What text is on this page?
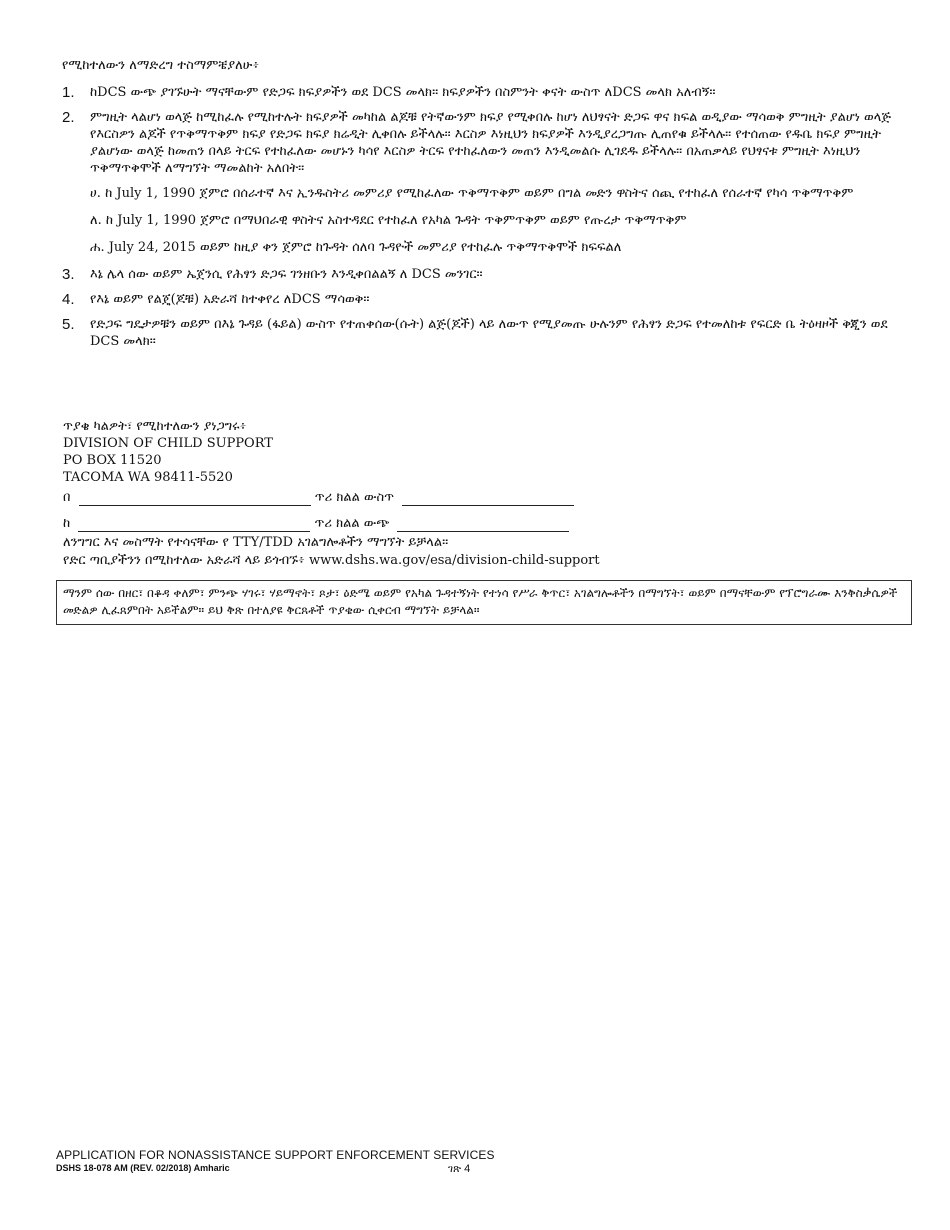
የሚከተለውን ለማድረግ ተስማምቼያለሁ፥
1.	ከDCS ውጭ ያገኙሁት ማናቸውም የድጋፍ ክፍያዎችን ወደ DCS መላክ። ክፍያዎችን በስምንት ቀናት ውስጥ ለDCS መላክ አለብኝ።
2.	ምግዚት ላልሆነ ወላጅ ከሚከፈሉ የሚከተሉት ክፍያዎች መካከል ልጆቹ የትኛውንም ክፍያ የሚቀበሉ ከሆነ ለህፃናት ድጋፍ ዋና ክፍል ወዲያው ማሳወቅ ምግዚት ያልሆነ ወላጅ የእርስዎን ልጆች የጥቅማጥቅም ክፍያ የድጋፍ ክፍያ ክሬዲት ሊቀበሉ ይችላሉ፡፡ እርስዎ እነዚህን ክፍያዎች እንዲያረጋግጡ ሊጠየቁ ይችላሉ፡፡ የተሰጠው የዱቤ ክፍያ ምግዚት ያልሆነው ወላጅ ከመጠን በላይ ትርፍ የተከፈለው መሆኑን ካሳየ እርስዎ ትርፍ የተከፈለውን መጠን እንዲመልሱ ሊገደዱ ይችላሉ፡፡ በአጠቃላይ የህፃናቱ ምግዚት እነዚህን ጥቅማጥቅሞች ለማግኘት ማመልከት አለበት፡፡
ሀ. ከ July 1, 1990 ጀምሮ በሰራተኛ እና ኢንዱስትሪ መምሪያ የሚከፈለው ጥቅማጥቅም ወይም በግል መድን ዋስትና ሰጪ የተከፈለ የሰራተኛ የካሳ ጥቅማጥቅም
ለ. ከ July 1, 1990 ጀምሮ በማህበራዊ ዋስትና አስተዳደር የተከፈለ የአካል ጉዳት ጥቅምጥቅም ወይም የጡረታ ጥቅማጥቅም
ሐ. July 24, 2015 ወይም ከዚያ ቀን ጀምሮ ከጉዳት ሰለባ ጉዳዮች መምሪያ የተከፈሉ ጥቅማጥቅሞች ክፍፍልለ
3.	እኔ ሌላ ሰው ወይም ኤጀንሲ የሕፃን ድጋፍ ገንዘቡን እንዲቀበልልኝ ለ DCS መንገር።
4.	የእኔ ወይም የልጄ(ጆቹ) አድራሻ ከተቀየረ ለDCS ማሳወቅ።
5.	የድጋፍ ግዴታዎቹን ወይም በእኔ ጉዳይ (ፋይል) ውስጥ የተጠቀሰው(ሱት) ልጅ(ጆች) ላይ ለውጥ የሚያመጡ ሁሉንም የሕፃን ድጋፍ የተመለከቱ የፍርድ ቤ ትዕዛዞች ቅጂን ወደ DCS መላክ።
ጥያቄ ካልዎት፣ የሚከተለውን ያነጋግሩ፥
DIVISION OF CHILD SUPPORT
PO BOX 11520
TACOMA WA 98411-5520
በ	ጥሪ ክልል ውስጥ
ከ	ጥሪ ክልል ውጭ
ለንግግር እና መስማት የተሳናቸው የ TTY/TDD አገልግሎቶችን ማግኘት ይቻላል።
የድር ጣቢያችንን በሚከተለው አድራሻ ላይ ይጎብኙ፥ www.dshs.wa.gov/esa/division-child-support
ማንም ሰው በዘር፣ በቆዳ ቀለም፣ ምንጭ ሃገሩ፣ ሃይማኖት፣ ጾታ፣ ዕድሜ ወይም የአካል ጉዳተኝነት የተነሳ የሥራ ቅጥር፣ አገልግሎቶችን በማግኘት፣ ወይም በማናቸውም የፕሮግራሙ እንቅስቃሴዎች መድልዎ ሊፈጸምበት አይችልም። ይህ ቅጽ በተለያዩ ቅርጸቶች ጥያቄው ሲቀርብ ማግኘት ይቻላል።
APPLICATION FOR NONASSISTANCE SUPPORT ENFORCEMENT SERVICES
DSHS 18-078 AM (REV. 02/2018) Amharic	ገጽ 4
